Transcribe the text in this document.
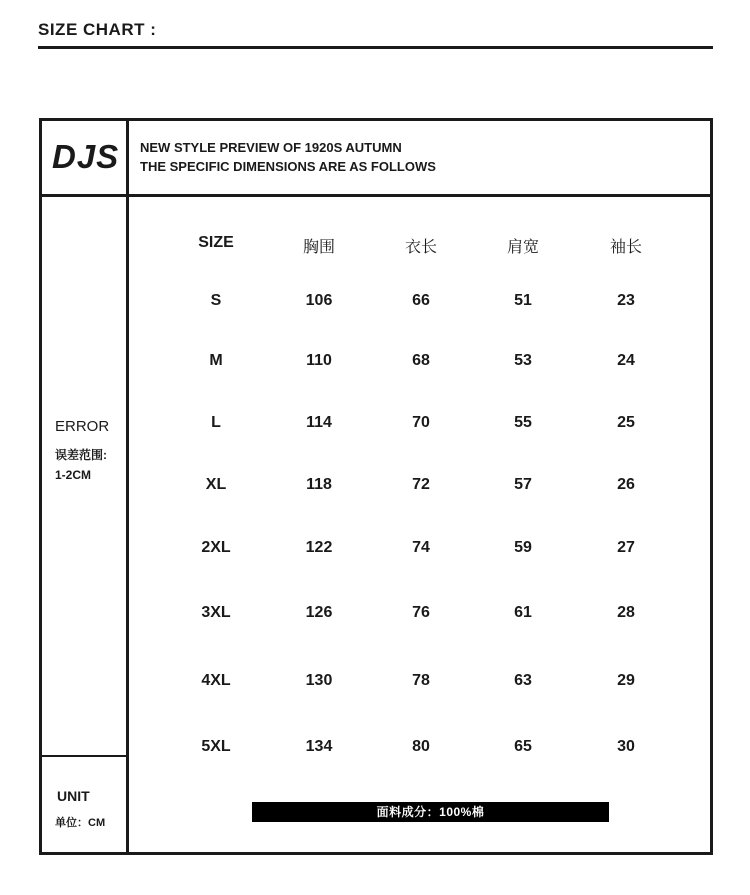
SIZE CHART :
DJS NEW STYLE PREVIEW OF 1920S AUTUMN
THE SPECIFIC DIMENSIONS ARE AS FOLLOWS
ERROR
误差范围:
1-2CM
UNIT
单位：CM
SIZE	胸围	衣长	肩宽	袖长
S	106	66	51	23
M	110	68	53	24
L	114	70	55	25
XL	118	72	57	26
2XL	122	74	59	27
3XL	126	76	61	28
4XL	130	78	63	29
5XL	134	80	65	30
面料成分：100%棉
